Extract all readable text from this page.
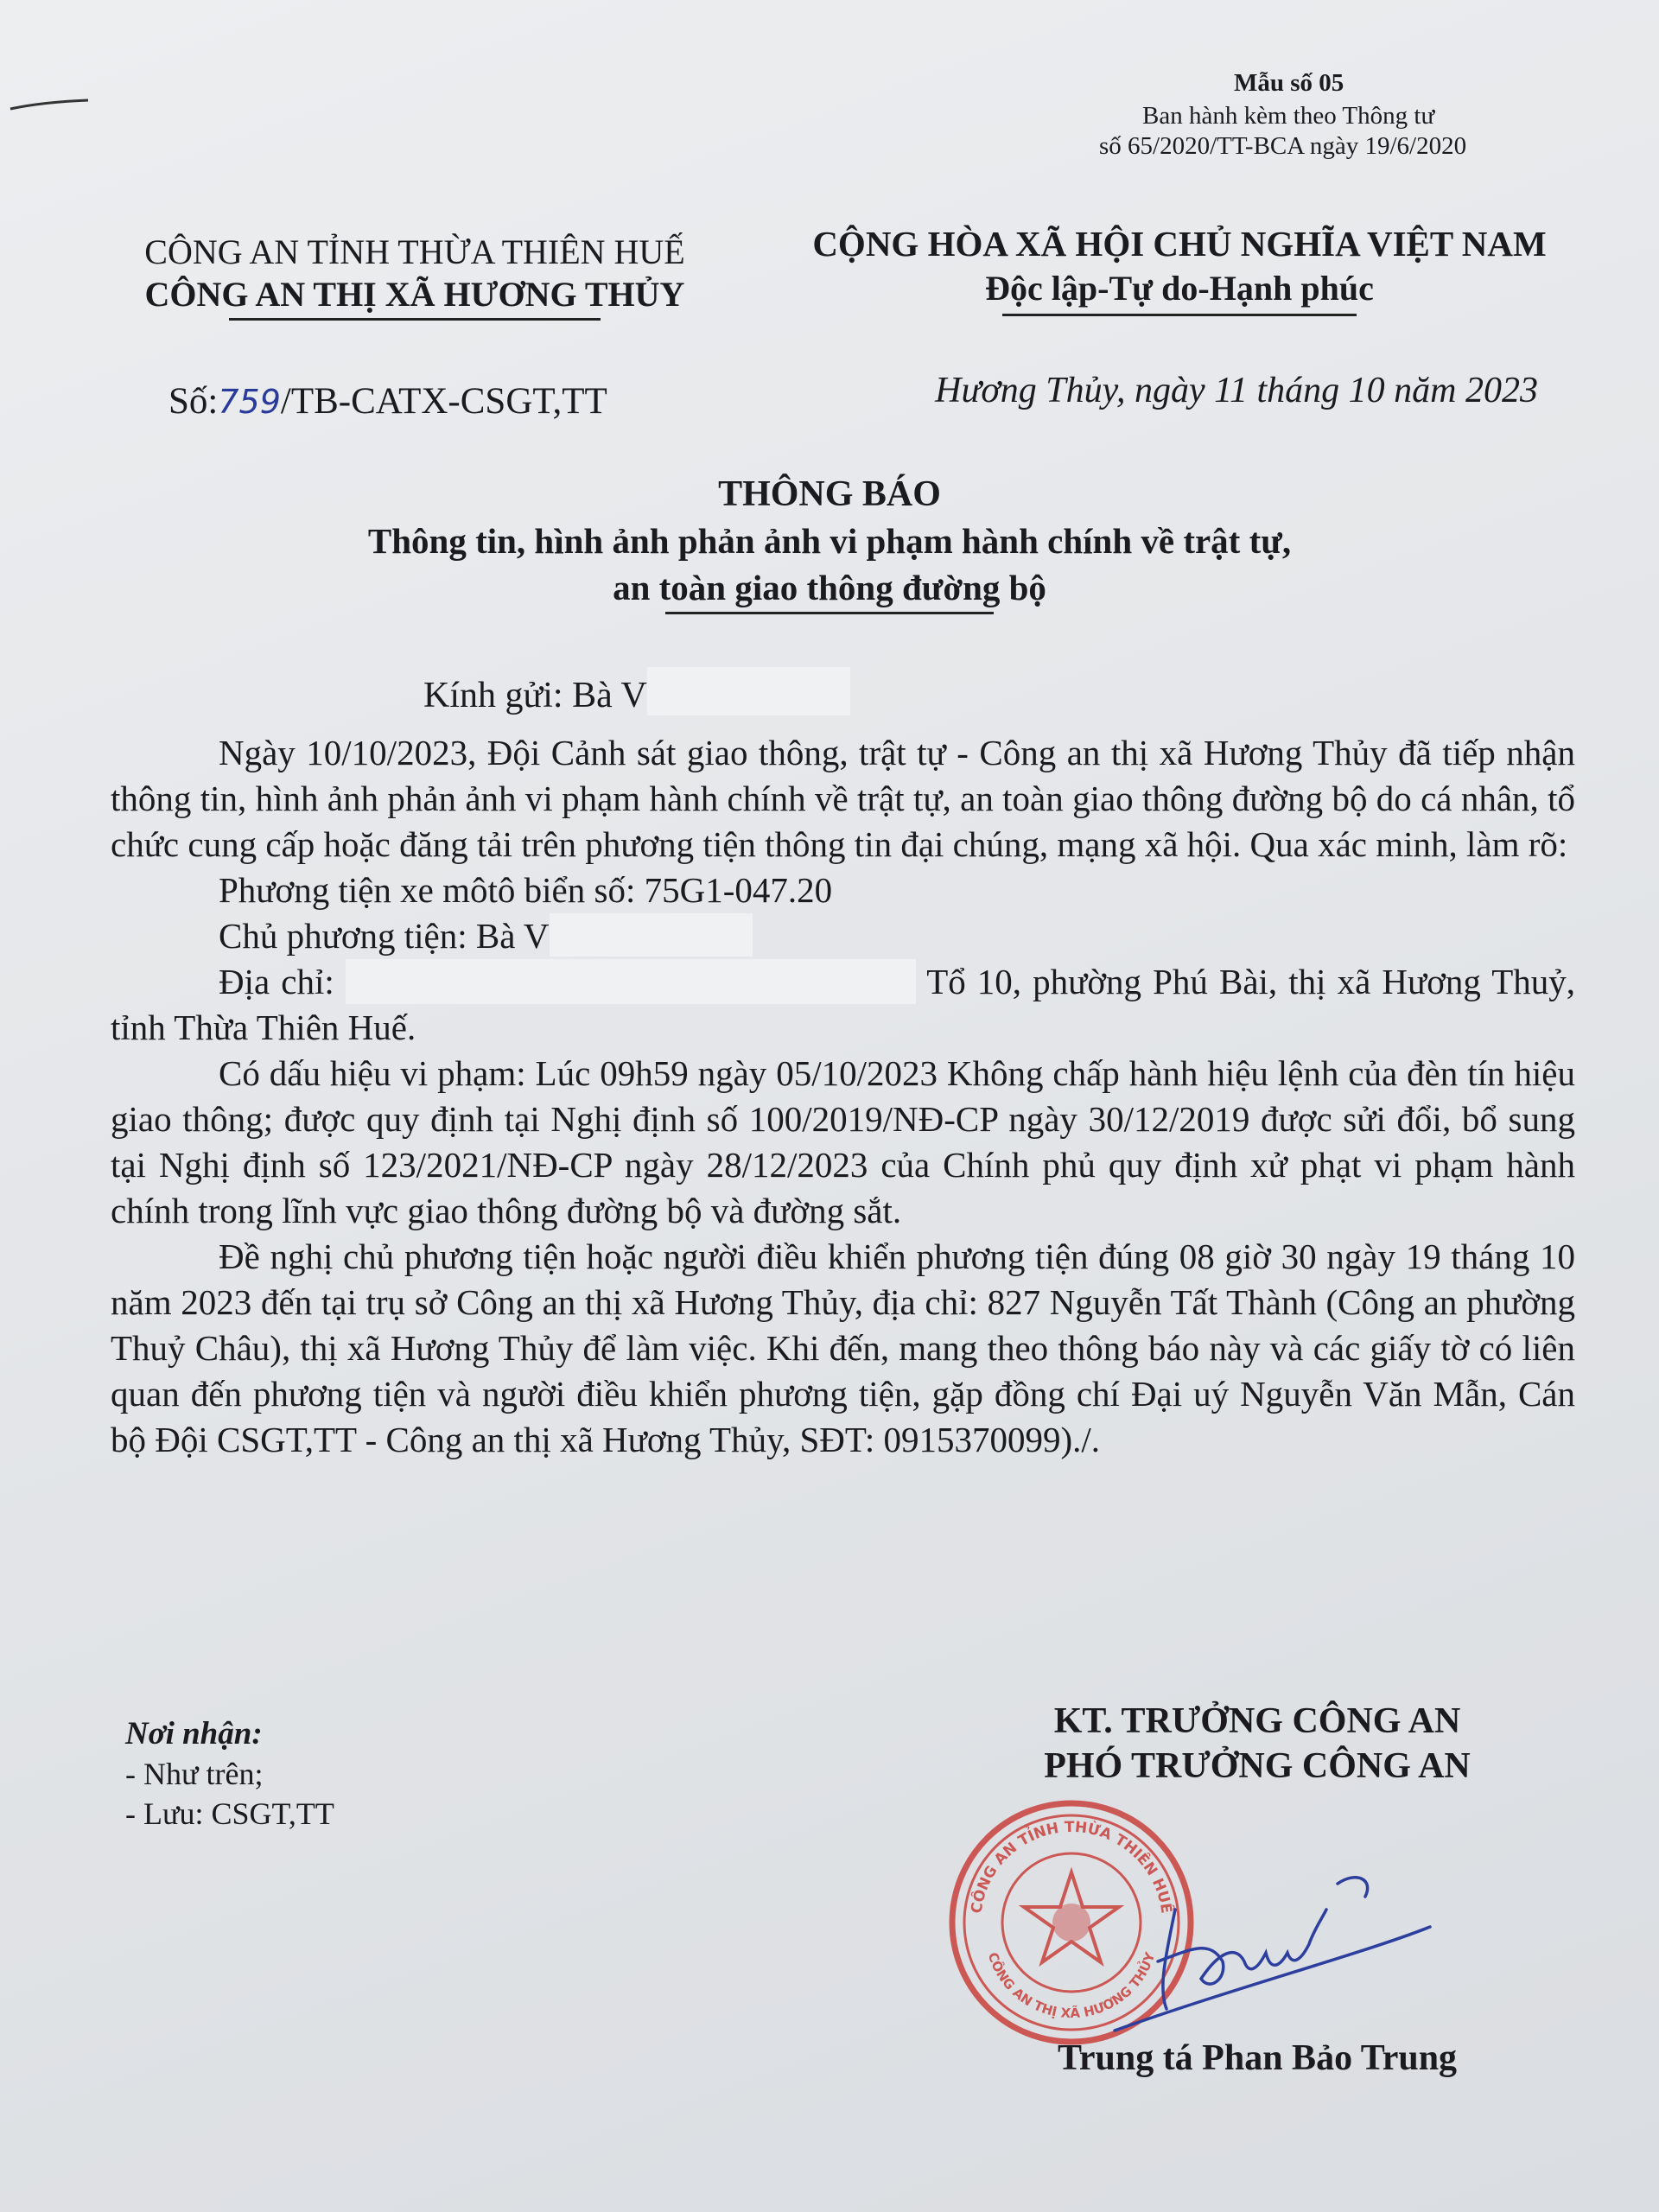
Mẫu số 05
Ban hành kèm theo Thông tư
số 65/2020/TT-BCA ngày 19/6/2020
CÔNG AN TỈNH THỪA THIÊN HUẾ
CÔNG AN THỊ XÃ HƯƠNG THỦY
CỘNG HÒA XÃ HỘI CHỦ NGHĨA VIỆT NAM
Độc lập-Tự do-Hạnh phúc
Số:759/TB-CATX-CSGT,TT	Hương Thủy, ngày 11 tháng 10 năm 2023
THÔNG BÁO
Thông tin, hình ảnh phản ảnh vi phạm hành chính về trật tự,
an toàn giao thông đường bộ
Kính gửi: Bà V

Ngày 10/10/2023, Đội Cảnh sát giao thông, trật tự - Công an thị xã Hương Thủy đã tiếp nhận thông tin, hình ảnh phản ảnh vi phạm hành chính về trật tự, an toàn giao thông đường bộ do cá nhân, tổ chức cung cấp hoặc đăng tải trên phương tiện thông tin đại chúng, mạng xã hội. Qua xác minh, làm rõ:

Phương tiện xe môtô biển số: 75G1-047.20
Chủ phương tiện: Bà V

Địa chỉ:	Tổ 10, phường Phú Bài, thị xã Hương Thuỷ, tỉnh Thừa Thiên Huế.

Có dấu hiệu vi phạm: Lúc 09h59 ngày 05/10/2023 Không chấp hành hiệu lệnh của đèn tín hiệu giao thông; được quy định tại Nghị định số 100/2019/NĐ-CP ngày 30/12/2019 được sửi đổi, bổ sung tại Nghị định số 123/2021/NĐ-CP ngày 28/12/2023 của Chính phủ quy định xử phạt vi phạm hành chính trong lĩnh vực giao thông đường bộ và đường sắt.

Đề nghị chủ phương tiện hoặc người điều khiển phương tiện đúng 08 giờ 30 ngày 19 tháng 10 năm 2023 đến tại trụ sở Công an thị xã Hương Thủy, địa chỉ: 827 Nguyễn Tất Thành (Công an phường Thuỷ Châu), thị xã Hương Thủy để làm việc. Khi đến, mang theo thông báo này và các giấy tờ có liên quan đến phương tiện và người điều khiển phương tiện, gặp đồng chí Đại uý Nguyễn Văn Mẫn, Cán bộ Đội CSGT,TT - Công an thị xã Hương Thủy, SĐT: 0915370099)./.

Nơi nhận:
- Như trên;
- Lưu: CSGT,TT
KT. TRƯỞNG CÔNG AN
PHÓ TRƯỞNG CÔNG AN
CÔNG AN TỈNH THỪA THIÊN HUẾ
CÔNG AN THỊ XÃ HƯƠNG THỦY
Trung tá Phan Bảo Trung
